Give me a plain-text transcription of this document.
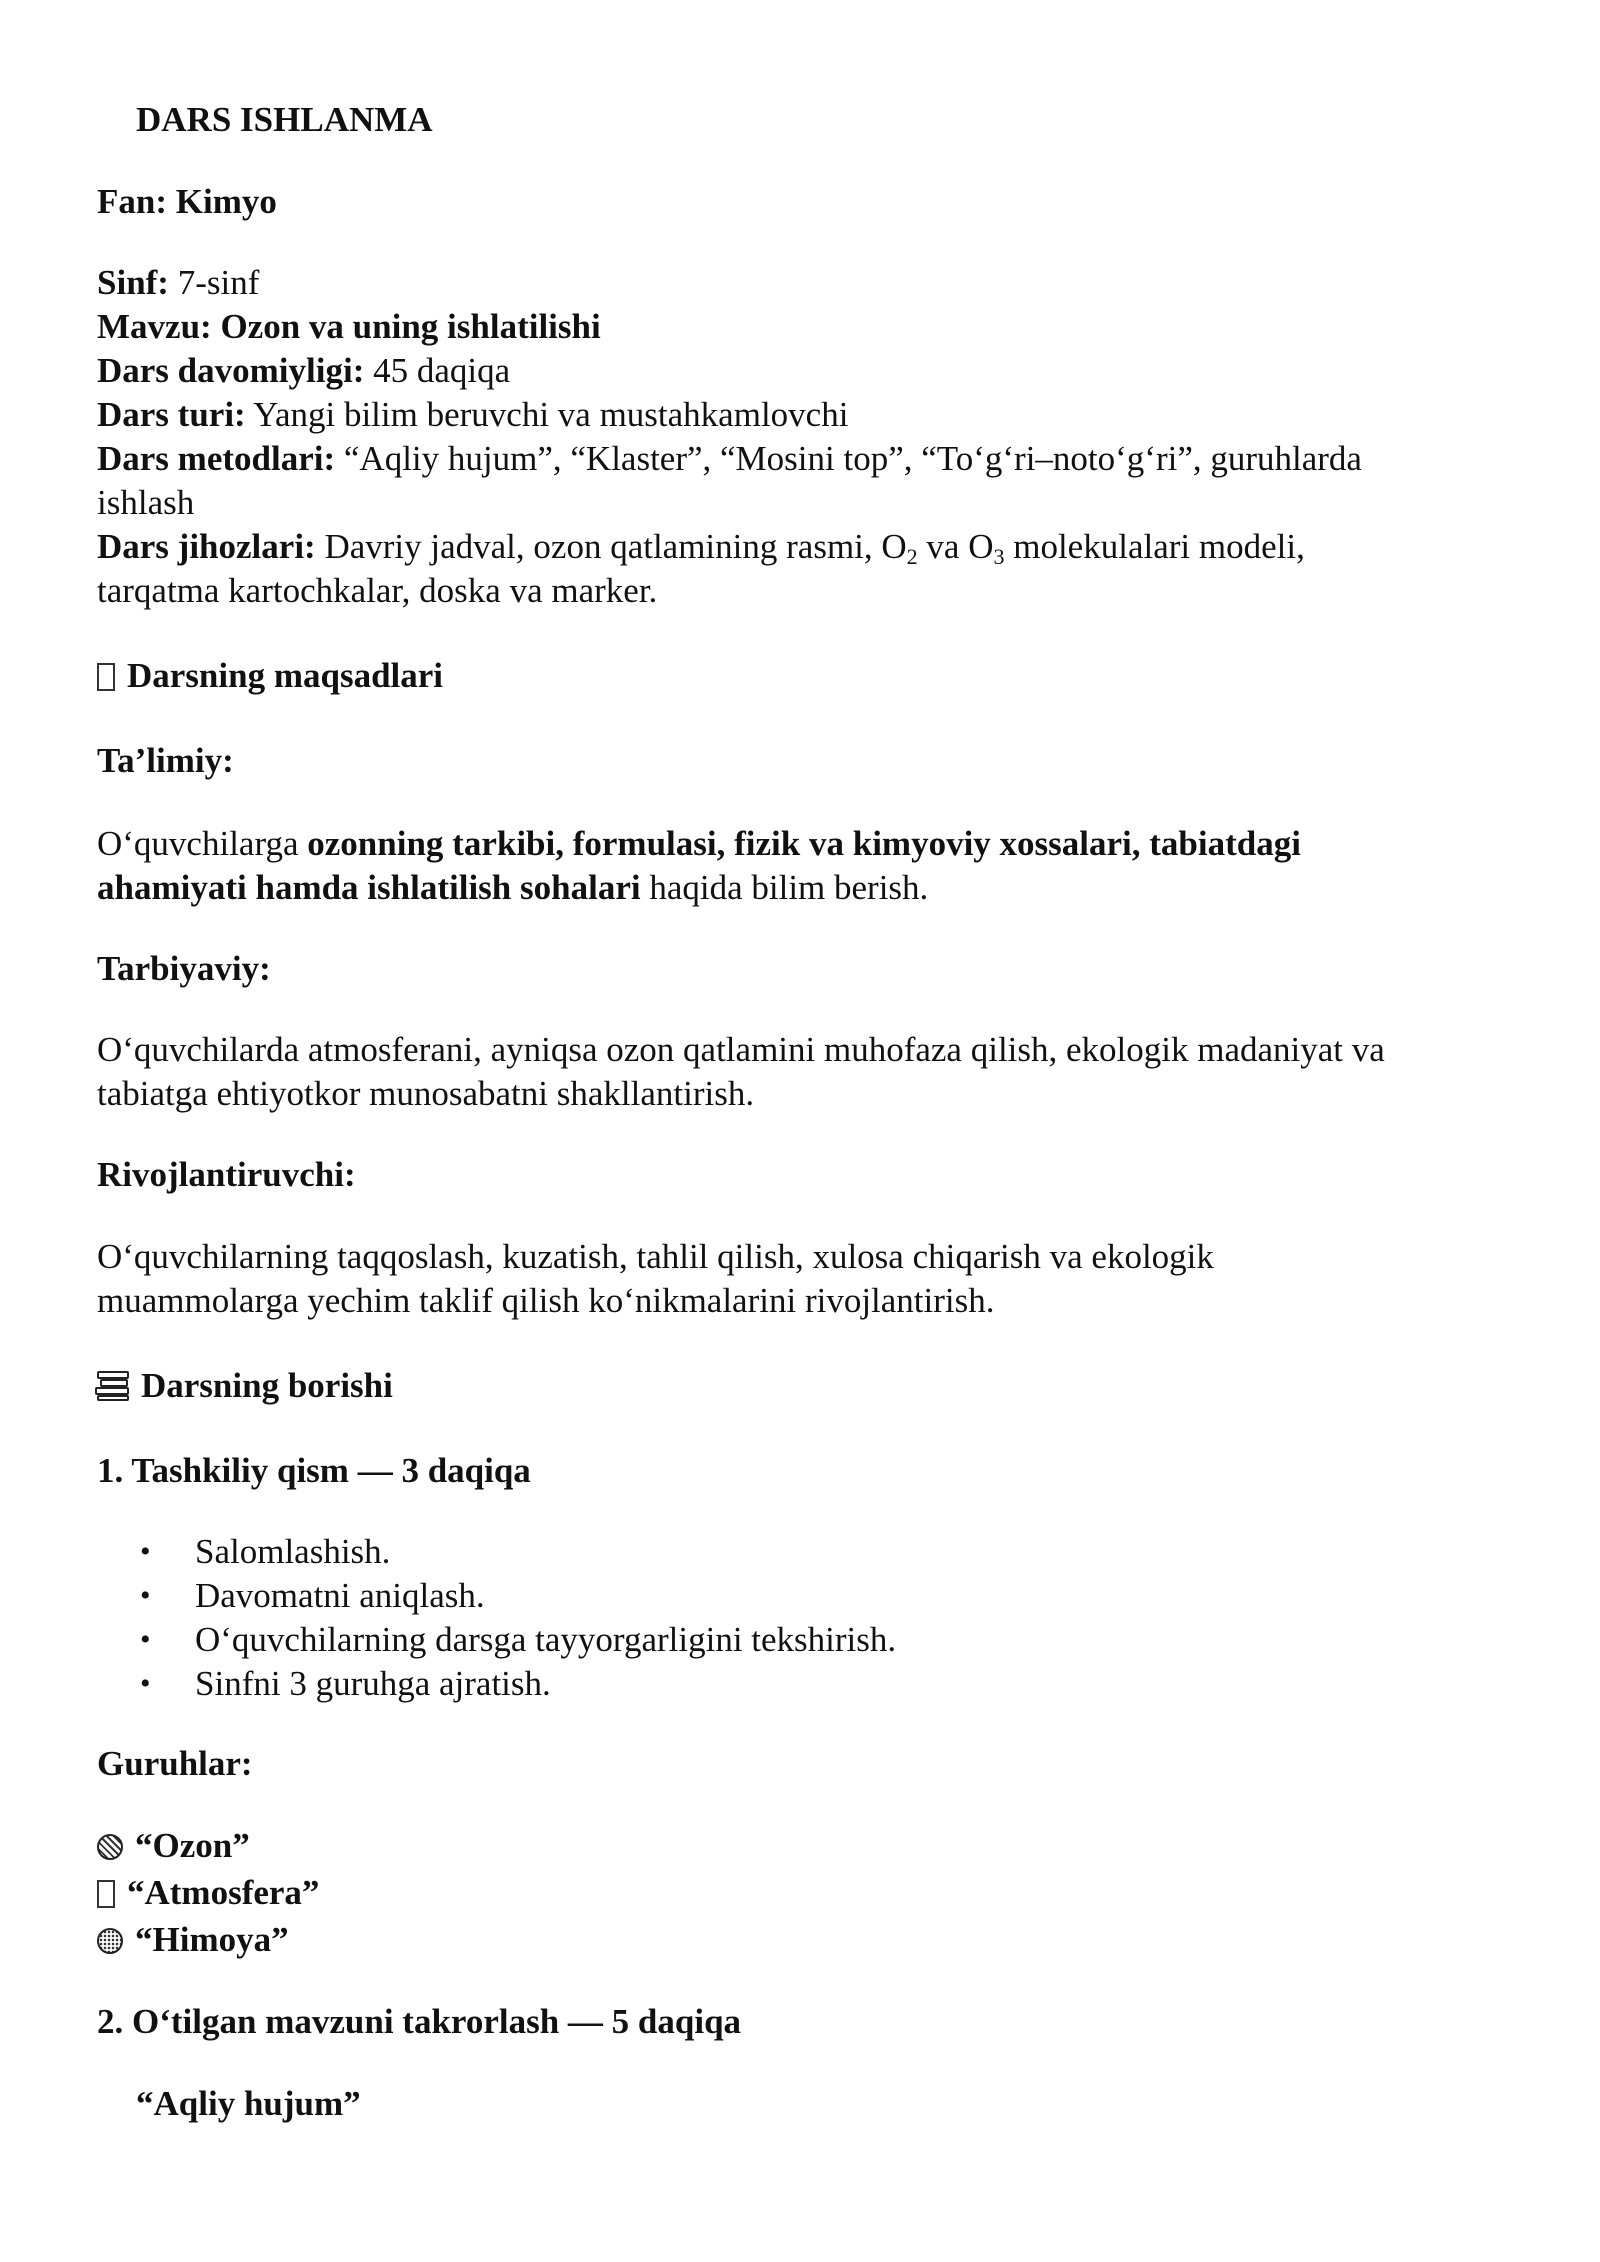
DARS ISHLANMA

Fan: Kimyo

Sinf: 7-sinf

Mavzu: Ozon va uning ishlatilishi

Dars davomiyligi: 45 daqiqa

Dars turi: Yangi bilim beruvchi va mustahkamlovchi

Dars metodlari: “Aqliy hujum”, “Klaster”, “Mosini top”, “To‘g‘ri–noto‘g‘ri”, guruhlarda

ishlash

Dars jihozlari: Davriy jadval, ozon qatlamining rasmi, $O_2$ va $O_3$ molekulalari modeli,

tarqatma kartochkalar, doska va marker.

Darsning maqsadlari

Ta’limiy:

O‘quvchilarga ozonning tarkibi, formulasi, fizik va kimyoviy xossalari, tabiatdagi

ahamiyati hamda ishlatilish sohalari haqida bilim berish.

Tarbiyaviy:

O‘quvchilarda atmosferani, ayniqsa ozon qatlamini muhofaza qilish, ekologik madaniyat va

tabiatga ehtiyotkor munosabatni shakllantirish.

Rivojlantiruvchi:

O‘quvchilarning taqqoslash, kuzatish, tahlil qilish, xulosa chiqarish va ekologik

muammolarga yechim taklif qilish ko‘nikmalarini rivojlantirish.

Darsning borishi

1. Tashkiliy qism — 3 daqiqa

• Salomlashish.
• Davomatni aniqlash.
• O‘quvchilarning darsga tayyorgarligini tekshirish.
• Sinfni 3 guruhga ajratish.

Guruhlar:

“Ozon”

“Atmosfera”

“Himoya”

2. O‘tilgan mavzuni takrorlash — 5 daqiqa

“Aqliy hujum”
